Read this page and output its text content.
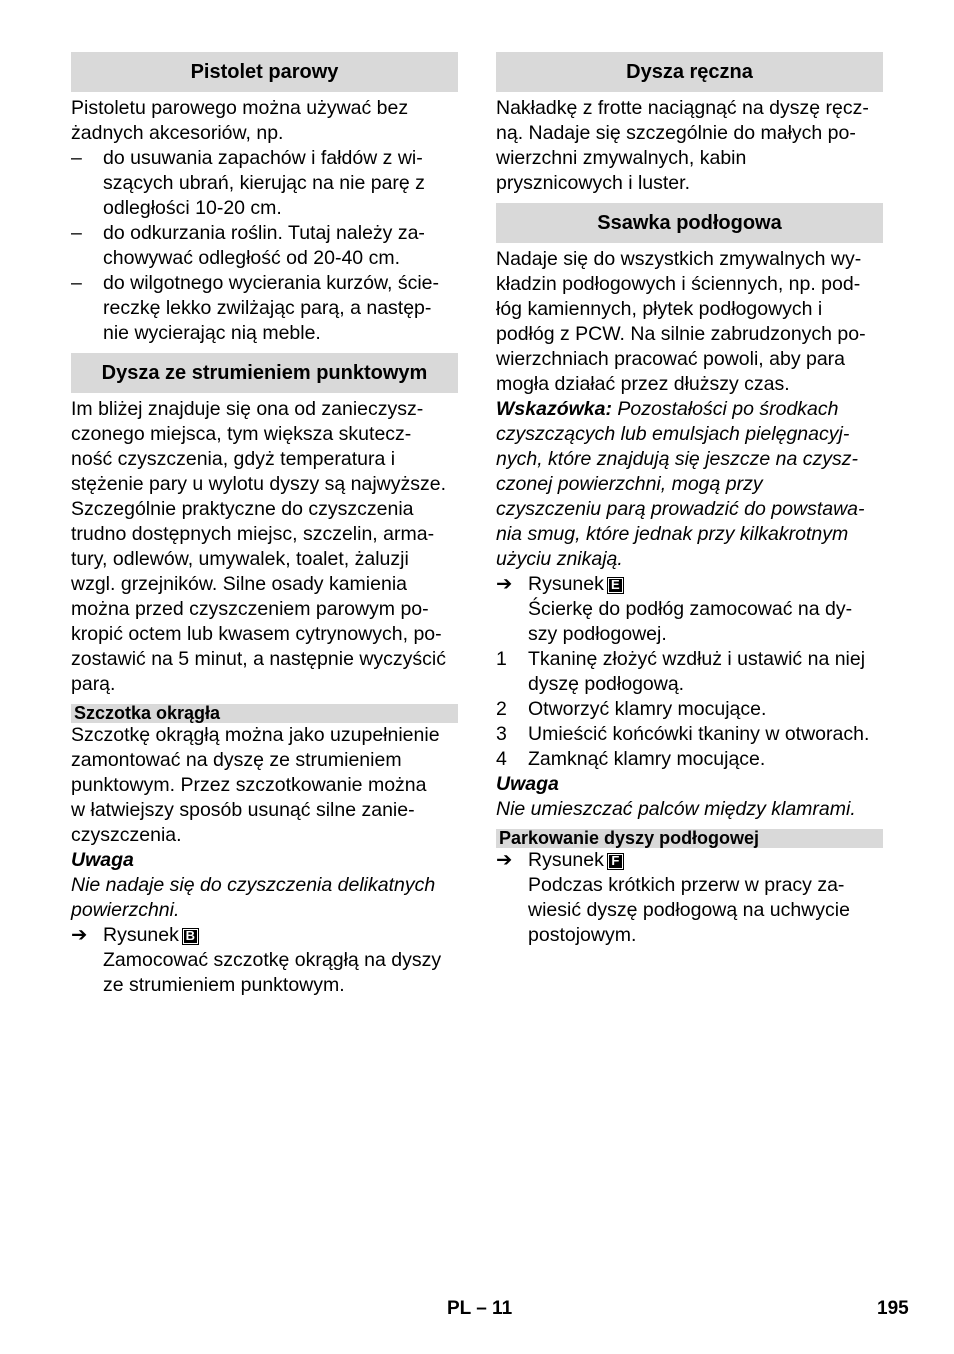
Pistolet parowy
Pistoletu parowego można używać bez
żadnych akcesoriów, np.
– do usuwania zapachów i fałdów z wi-
szących ubrań, kierując na nie parę z
odległości 10-20 cm.
– do odkurzania roślin. Tutaj należy za-
chowywać odległość od 20-40 cm.
– do wilgotnego wycierania kurzów, ście-
reczkę lekko zwilżając parą, a następ-
nie wycierając nią meble.
Dysza ze strumieniem punktowym
Im bliżej znajduje się ona od zanieczysz-
czonego miejsca, tym większa skutecz-
ność czyszczenia, gdyż temperatura i
stężenie pary u wylotu dyszy są najwyższe.
Szczególnie praktyczne do czyszczenia
trudno dostępnych miejsc, szczelin, arma-
tury, odlewów, umywalek, toalet, żaluzji
wzgl. grzejników. Silne osady kamienia
można przed czyszczeniem parowym po-
kropić octem lub kwasem cytrynowych, po-
zostawić na 5 minut, a następnie wyczyścić
parą.
Szczotka okrągła
Szczotkę okrągłą można jako uzupełnienie
zamontować na dyszę ze strumieniem
punktowym. Przez szczotkowanie można
w łatwiejszy sposób usunąć silne zanie-
czyszczenia.
Uwaga
Nie nadaje się do czyszczenia delikatnych
powierzchni.
➔ Rysunek B
Zamocować szczotkę okrągłą na dyszy
ze strumieniem punktowym.
Dysza ręczna
Nakładkę z frotte naciągnąć na dyszę ręcz-
ną. Nadaje się szczególnie do małych po-
wierzchni zmywalnych, kabin
prysznicowych i luster.
Ssawka podłogowa
Nadaje się do wszystkich zmywalnych wy-
kładzin podłogowych i ściennych, np. pod-
łóg kamiennych, płytek podłogowych i
podłóg z PCW. Na silnie zabrudzonych po-
wierzchniach pracować powoli, aby para
mogła działać przez dłuższy czas.
Wskazówka: Pozostałości po środkach
czyszczących lub emulsjach pielęgnacyj-
nych, które znajdują się jeszcze na czysz-
czonej powierzchni, mogą przy
czyszczeniu parą prowadzić do powstawa-
nia smug, które jednak przy kilkakrotnym
użyciu znikają.
➔ Rysunek E
Ścierkę do podłóg zamocować na dy-
szy podłogowej.
1 Tkaninę złożyć wzdłuż i ustawić na niej
dyszę podłogową.
2 Otworzyć klamry mocujące.
3 Umieścić końcówki tkaniny w otworach.
4 Zamknąć klamry mocujące.
Uwaga
Nie umieszczać palców między klamrami.
Parkowanie dyszy podłogowej
➔ Rysunek F
Podczas krótkich przerw w pracy za-
wiesić dyszę podłogową na uchwycie
postojowym.
PL – 11	195
